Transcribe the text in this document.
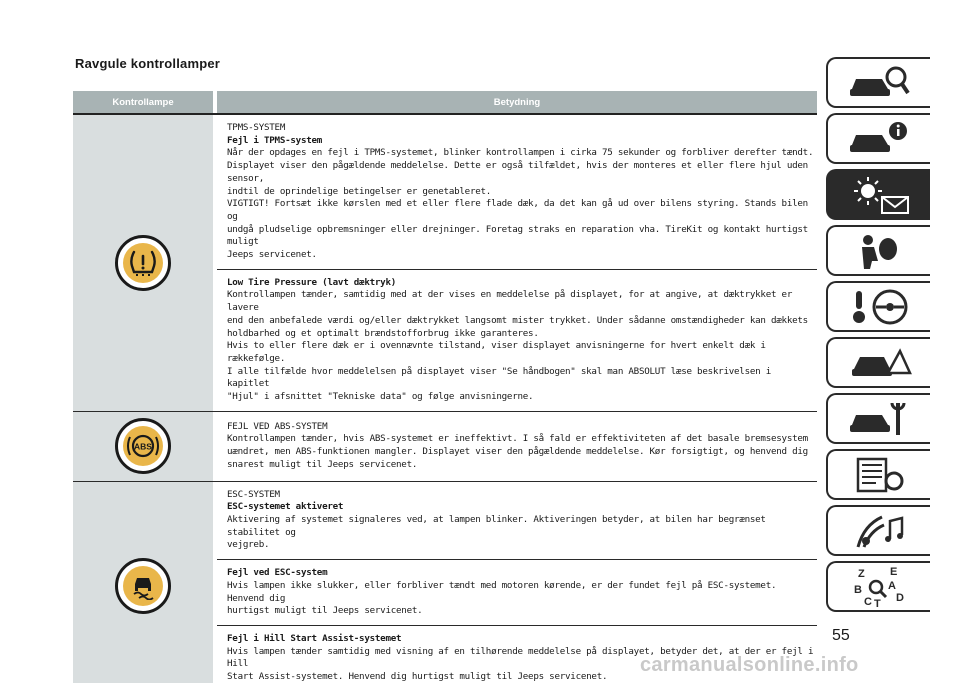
Ravgule kontrollamper
Kontrollampe	Betydning
TPMS-SYSTEM
Fejl i TPMS-system
Når der opdages en fejl i TPMS-systemet, blinker kontrollampen i cirka 75 sekunder og forbliver derefter tændt.
Displayet viser den pågældende meddelelse. Dette er også tilfældet, hvis der monteres et eller flere hjul uden sensor,
indtil de oprindelige betingelser er genetableret.
VIGTIGT! Fortsæt ikke kørslen med et eller flere flade dæk, da det kan gå ud over bilens styring. Stands bilen og
undgå pludselige opbremsninger eller drejninger. Foretag straks en reparation vha. TireKit og kontakt hurtigst muligt
Jeeps servicenet.
Low Tire Pressure (lavt dæktryk)
Kontrollampen tænder, samtidig med at der vises en meddelelse på displayet, for at angive, at dæktrykket er lavere
end den anbefalede værdi og/eller dæktrykket langsomt mister trykket. Under sådanne omstændigheder kan dækkets
holdbarhed og et optimalt brændstofforbrug ikke garanteres.
Hvis to eller flere dæk er i ovennævnte tilstand, viser displayet anvisningerne for hvert enkelt dæk i rækkefølge.
I alle tilfælde hvor meddelelsen på displayet viser "Se håndbogen" skal man ABSOLUT læse beskrivelsen i kapitlet
"Hjul" i afsnittet "Tekniske data" og følge anvisningerne.
ABS
FEJL VED ABS-SYSTEM
Kontrollampen tænder, hvis ABS-systemet er ineffektivt. I så fald er effektiviteten af det basale bremsesystem
uændret, men ABS-funktionen mangler. Displayet viser den pågældende meddelelse. Kør forsigtigt, og henvend dig
snarest muligt til Jeeps servicenet.
ESC-SYSTEM
ESC-systemet aktiveret
Aktivering af systemet signaleres ved, at lampen blinker. Aktiveringen betyder, at bilen har begrænset stabilitet og
vejgreb.
Fejl ved ESC-system
Hvis lampen ikke slukker, eller forbliver tændt med motoren kørende, er der fundet fejl på ESC-systemet. Henvend dig
hurtigst muligt til Jeeps servicenet.
Fejl i Hill Start Assist-systemet
Hvis lampen tænder samtidig med visning af en tilhørende meddelelse på displayet, betyder det, at der er fejl i Hill
Start Assist-systemet. Henvend dig hurtigst muligt til Jeeps servicenet.
Z E
B A
C T D
55
carmanualsonline.info
